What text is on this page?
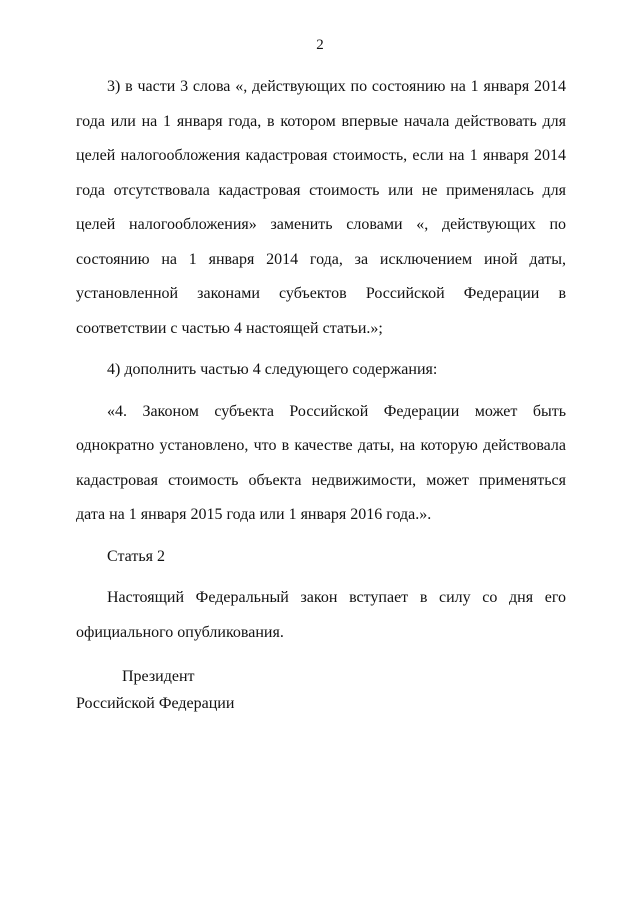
2

3) в части 3 слова «, действующих по состоянию на 1 января 2014 года или на 1 января года, в котором впервые начала действовать для целей налогообложения кадастровая стоимость, если на 1 января 2014 года отсутствовала кадастровая стоимость или не применялась для целей налогообложения» заменить словами «, действующих по состоянию на 1 января 2014 года, за исключением иной даты, установленной законами субъектов Российской Федерации в соответствии с частью 4 настоящей статьи.»;

4) дополнить частью 4 следующего содержания:

«4. Законом субъекта Российской Федерации может быть однократно установлено, что в качестве даты, на которую действовала кадастровая стоимость объекта недвижимости, может применяться дата на 1 января 2015 года или 1 января 2016 года.».

Статья 2

Настоящий Федеральный закон вступает в силу со дня его официального опубликования.

Президент
Российской Федерации
